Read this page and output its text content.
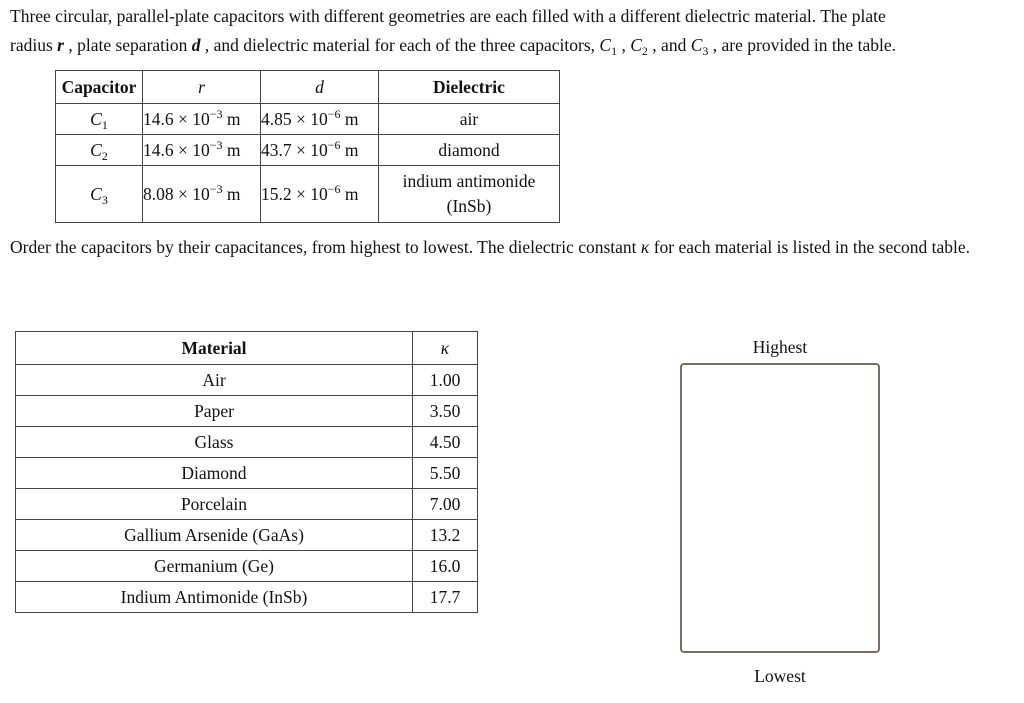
Three circular, parallel-plate capacitors with different geometries are each filled with a different dielectric material. The plate
radius r , plate separation d , and dielectric material for each of the three capacitors, $C_1$ , $C_2$ , and $C_3$ , are provided in the table.
Capacitor	r	d	Dielectric
$C_1$	$14.6 \times 10^{-3}$ m	$4.85 \times 10^{-6}$ m	air
$C_2$	$14.6 \times 10^{-3}$ m	$43.7 \times 10^{-6}$ m	diamond
$C_3$	$8.08 \times 10^{-3}$ m	$15.2 \times 10^{-6}$ m	indium antimonide
(InSb)
Order the capacitors by their capacitances, from highest to lowest. The dielectric constant κ for each material is listed in the second table.
Material	κ
Air	1.00
Paper	3.50
Glass	4.50
Diamond	5.50
Porcelain	7.00
Gallium Arsenide (GaAs)	13.2
Germanium (Ge)	16.0
Indium Antimonide (InSb)	17.7
Highest
Lowest
